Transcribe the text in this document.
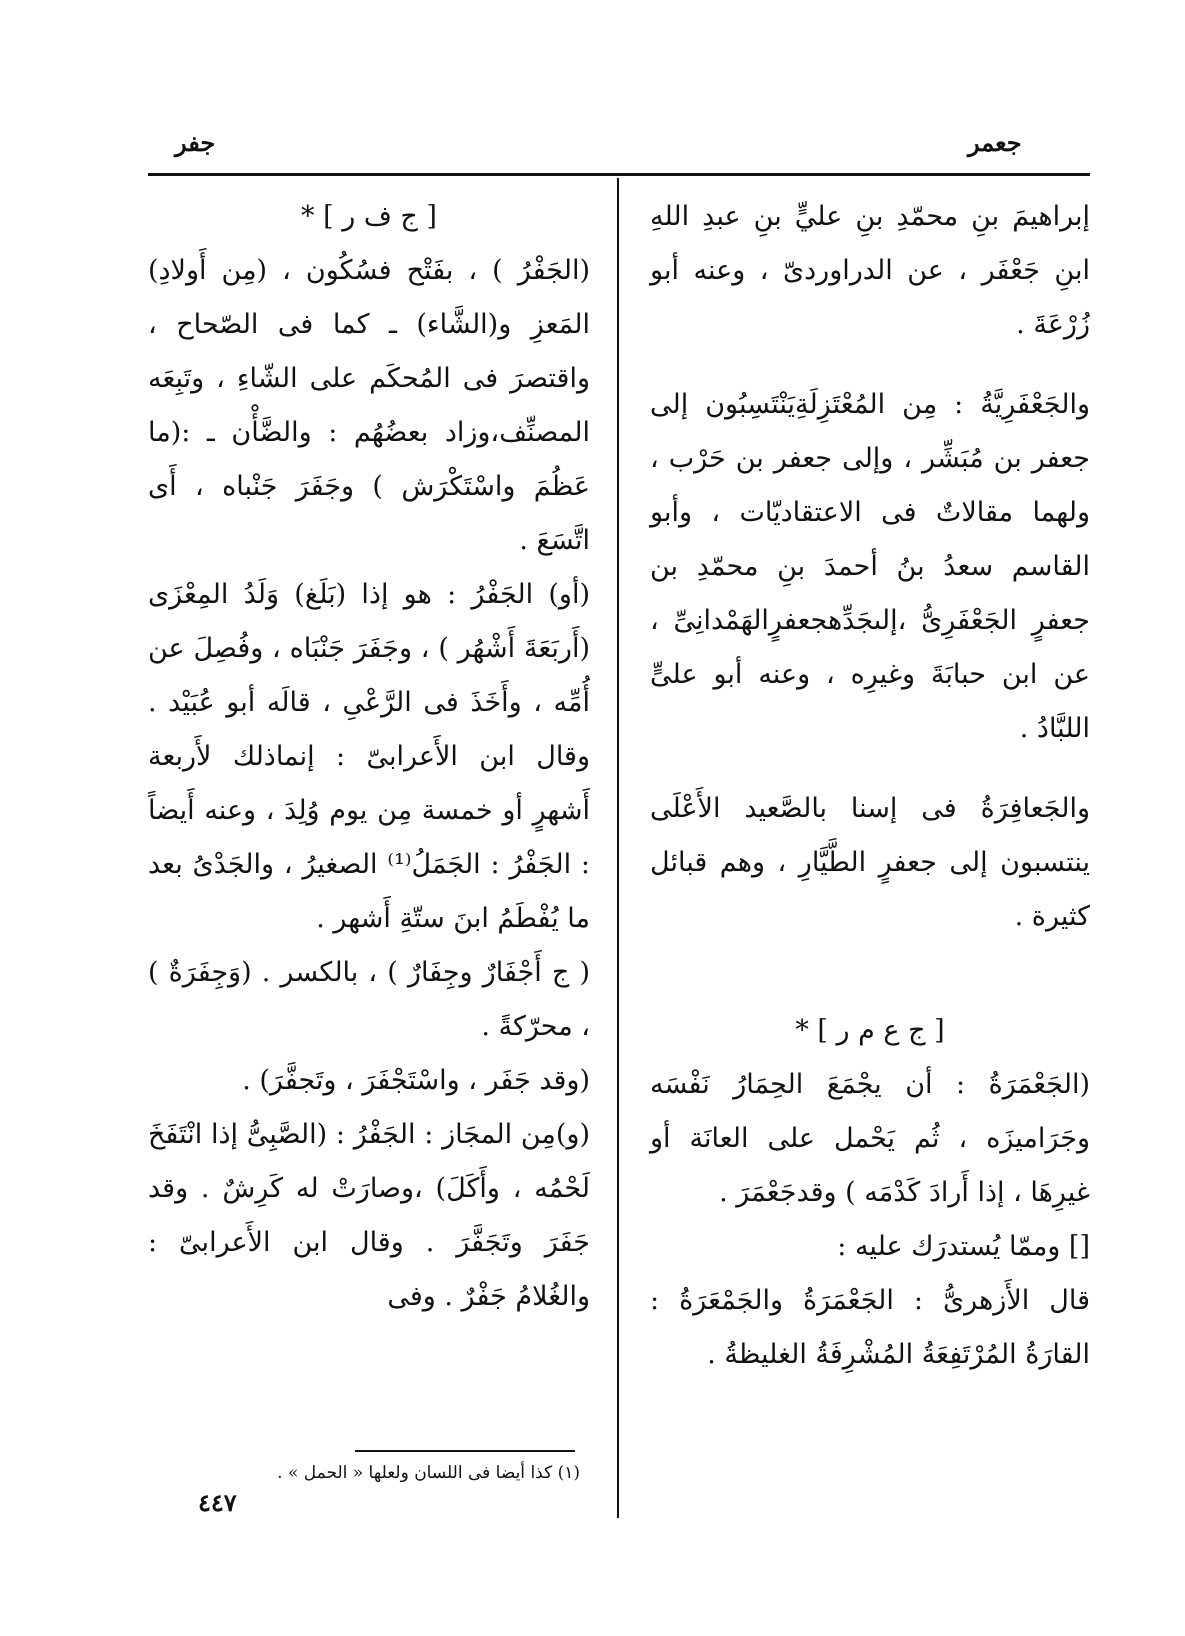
جعمر
جفر

إبراهيمَ بنِ محمّدِ بنِ عليٍّ بنِ عبدِ اللهِ ابنِ جَعْفَر ، عن الدراوردىّ ، وعنه أبو زُرْعَةَ .

والجَعْفَرِيَّةُ : مِن المُعْتَزِلَةِيَنْتَسِبُون إلى جعفر بن مُبَشِّر ، وإلى جعفر بن حَرْب ، ولهما مقالاتٌ فى الاعتقاديّات ، وأبو القاسم سعدُ بنُ أحمدَ بنِ محمّدِ بن جعفرٍ الجَعْفَرِىُّ ،إلىجَدِّهجعفرٍالهَمْدانِىِّ ، عن ابن حبابَةَ وغيرِه ، وعنه أبو علىٍّ اللبَّادُ .

والجَعافِرَةُ فى إسنا بالصَّعيد الأَعْلَى ينتسبون إلى جعفرٍ الطَّيَّارِ ، وهم قبائل كثيرة .

[ ج ع م ر ] *

(الجَعْمَرَةُ : أن يجْمَعَ الحِمَارُ نَفْسَه وجَرَاميزَه ، ثُم يَحْمل على العانَة أو غيرِهَا ، إذا أَرادَ كَدْمَه ) وقدجَعْمَرَ .

[] وممّا يُستدرَك عليه :

قال الأَزهرىُّ : الجَعْمَرَةُ والجَمْعَرَةُ : القارَةُ المُرْتَفِعَةُ المُشْرِفَةُ الغليظةُ .

[ ج ف ر ] *

(الجَفْرُ ) ، بفَتْح فسُكُون ، (مِن أَولادِ) المَعزِ و(الشَّاء) ـ كما فى الصّحاح ، واقتصرَ فى المُحكَم على الشّاءِ ، وتَبِعَه المصنِّف،وزاد بعضُهُم : والضَّأْن ـ :(ما عَظُمَ واسْتَكْرَش ) وجَفَرَ جَنْباه ، أَى اتَّسَعَ .

(أو) الجَفْرُ : هو إذا (بَلَغ) وَلَدُ المِعْزَى (أَربَعَةَ أَشْهُر ) ، وجَفَرَ جَنْبَاه ، وفُصِلَ عن أُمِّه ، وأَخَذَ فى الرَّعْىِ ، قالَه أبو عُبَيْد . وقال ابن الأَعرابىّ : إنماذلك لأَربعة أَشهرٍ أو خمسة مِن يوم وُلِدَ ، وعنه أَيضاً : الجَفْرُ : الجَمَلُ⁽¹⁾ الصغيرُ ، والجَدْىُ بعد ما يُفْطَمُ ابنَ ستّةِ أَشهر .

( ج أَجْفَارٌ وجِفَارٌ ) ، بالكسر . (وَجِفَرَةٌ ) ، محرّكةً .

(وقد جَفَر ، واسْتَجْفَرَ ، وتَجفَّرَ) .

(و)مِن المجَاز : الجَفْرُ : (الصَّبِىُّ إذا انْتَفَخَ لَحْمُه ، وأَكَلَ) ،وصارَتْ له كَرِشٌ . وقد جَفَرَ وتَجَفَّرَ . وقال ابن الأَعرابىّ : والغُلامُ جَفْرٌ . وفى

(١) كذا أيضا فى اللسان ولعلها « الحمل » .
٤٤٧
